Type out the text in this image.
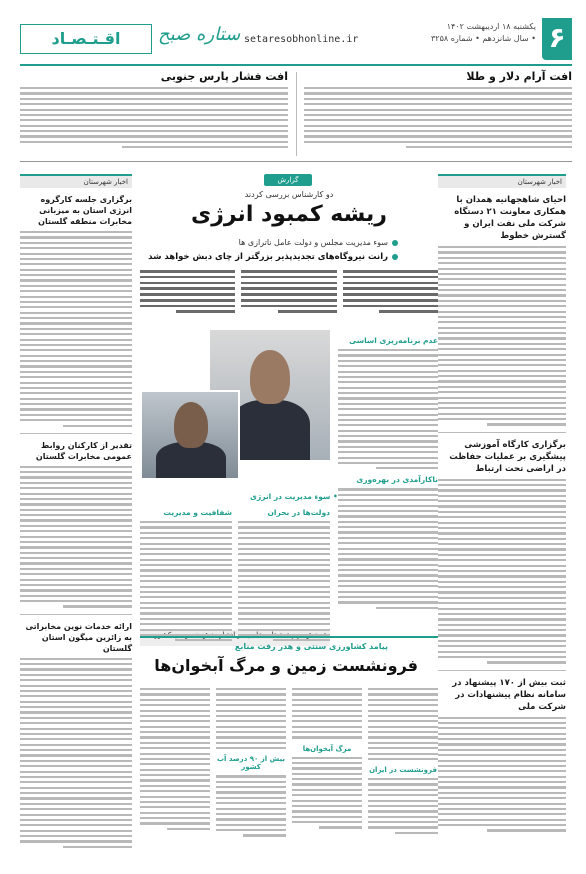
۶
یکشنبه ۱۸ اردیبهشت ۱۴۰۲
• سال شانزدهم • شماره ۳۲۵۸
setaresobhonline.ir
ستاره صبح
اقـتـصـاد
افت آرام دلار و طلا
افت فشار پارس جنوبی
اخبار شهرستان
احیای شاهجهانیه همدان با همکاری معاونت ۲۱ دستگاه شرکت ملی نفت ایران و گسترش خطوط
برگزاری کارگاه آموزشی پیشگیری بر عملیات حفاظت در اراضی تحت ارتباط
ثبت بیش از ۱۷۰ پیشنهاد در سامانه نظام پیشنهادات در شرکت ملی
اخبار شهرستان
برگزاری جلسه کارگروه انرژی استان به میزبانی مخابرات منطقه گلستان
تقدیر از کارکنان روابط عمومی مخابرات گلستان
ارائه خدمات نوین مخابراتی به زائرین میگون استان گلستان
گزارش
دو کارشناس بررسی کردند
ریشه کمبود انرژی
سوء مدیریت مجلس و دولت عامل ناترازی ها
رانت نیروگاه‌های تجدیدپذیر بزرگتر از چای دبش خواهد شد
• سوء مدیریت در انرژی
عدم برنامه‌ریزی اساسی
ناکارآمدی در بهره‌وری
دولت‌ها در بحران
شفافیت و مدیریت
پیامد کشاورزی سنتی و هدر رفت منابع
فرونشست زمین و مرگ آبخوان‌ها
فرونشست در ایران
مرگ آبخوان‌ها
بیش از ۹۰ درصد آب کشور
